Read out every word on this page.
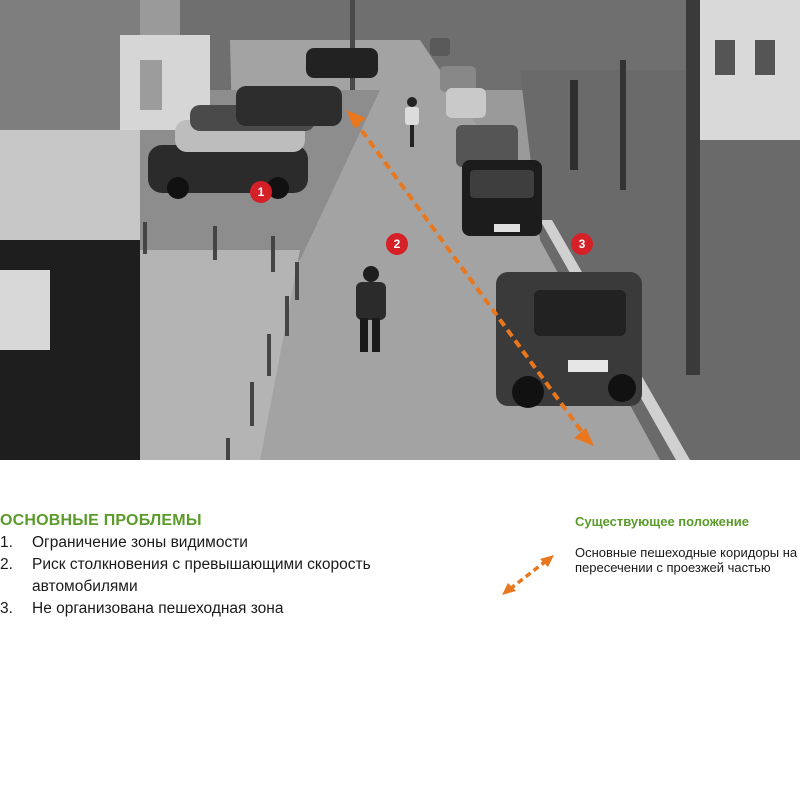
1
2	3
ОСНОВНЫЕ ПРОБЛЕМЫ
1. Ограничение зоны видимости
2. Риск столкновения с превышающими скорость автомобилями
3. Не организована пешеходная зона
Существующее положение

Основные пешеходные коридоры на пересечении с проезжей частью
